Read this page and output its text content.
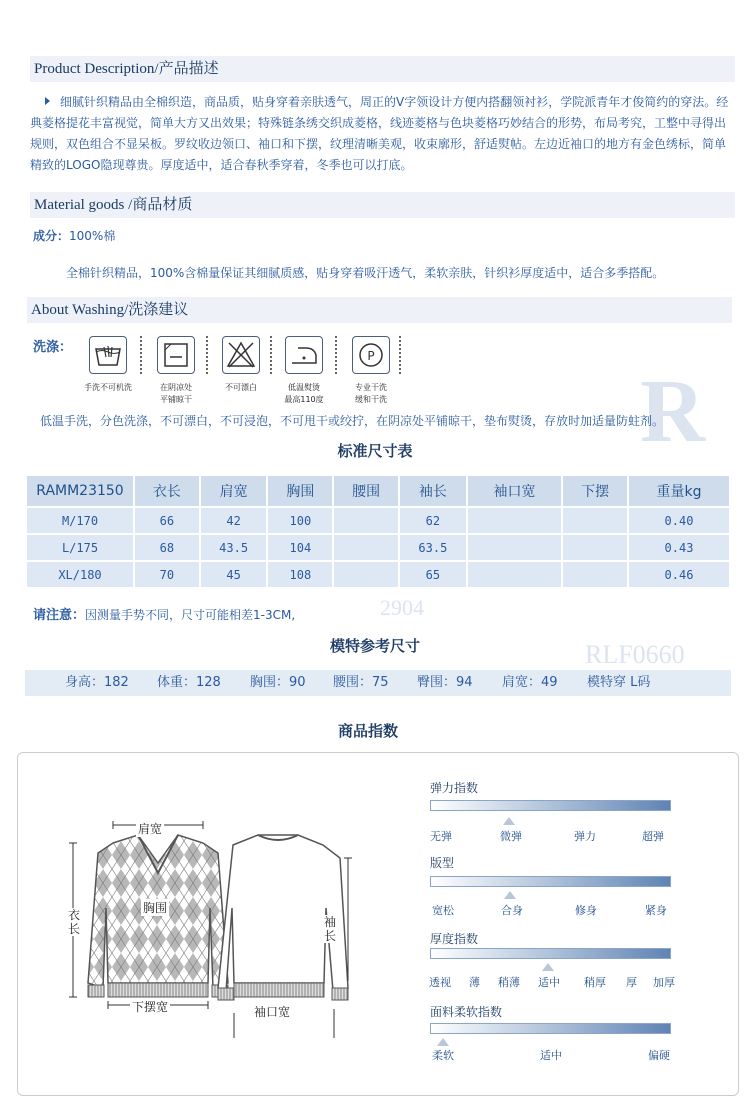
2904
RLF0660
R
Product Description/产品描述
细腻针织精品由全棉织造，商品质，贴身穿着亲肤透气，周正的V字领设计方便内搭翻领衬衫，学院派青年才俊简约的穿法。经典菱格提花丰富视觉，简单大方又出效果；特殊链条绣交织成菱格，线迹菱格与色块菱格巧妙结合的形势，布局考究，工整中寻得出规则，双色组合不显呆板。罗纹收边领口、袖口和下摆，纹理清晰美观，收束廓形，舒适熨帖。左边近袖口的地方有金色绣标，简单精致的LOGO隐现尊贵。厚度适中，适合春秋季穿着，冬季也可以打底。
Material goods /商品材质
成分：100%棉
全棉针织精品，100%含棉量保证其细腻质感，贴身穿着吸汗透气，柔软亲肤，针织衫厚度适中，适合多季搭配。
About Washing/洗涤建议
洗涤：
P
手洗不可机洗	在阴凉处
平铺晾干
不可漂白	低温熨烫
最高110度
专业干洗
缓和干洗
低温手洗，分色洗涤，不可漂白，不可浸泡，不可甩干或绞拧，在阴凉处平铺晾干，垫布熨烫，存放时加适量防蛀剂。
标准尺寸表
RAMM23150	衣长	肩宽	胸围	腰围	袖长	袖口宽	下摆	重量kg
M/170	66	42	100		62			0.40
L/175	68	43.5	104		63.5			0.43
XL/180	70	45	108		65			0.46
请注意：因测量手势不同，尺寸可能相差1-3CM,
模特参考尺寸
身高：182 体重：128 胸围：90 腰围：75 臀围：94 肩宽：49 模特穿 L码
商品指数
肩宽
胸围
衣长
下摆宽
袖长
袖口宽
弹力指数
无弹	微弹	弹力	超弹
版型
宽松	合身	修身	紧身
厚度指数
透视 薄 稍薄 适中 稍厚 厚 加厚
面料柔软指数
柔软	适中	偏硬
